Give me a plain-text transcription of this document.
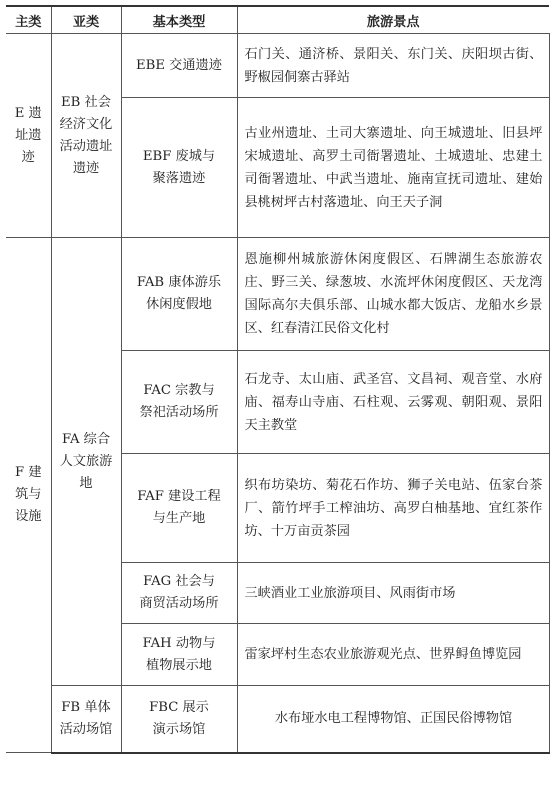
主类	亚类	基本类型	旅游景点
E 遗址遗迹	EB 社会经济文化活动遗址遗迹	EBE 交通遗迹	石门关、通济桥、景阳关、东门关、庆阳坝古街、野椒园侗寨古驿站
		EBF 废城与聚落遗迹	古业州遗址、土司大寨遗址、向王城遗址、旧县坪宋城遗址、高罗土司衙署遗址、土城遗址、忠建土司衙署遗址、中武当遗址、施南宣抚司遗址、建始县桃树坪古村落遗址、向王天子洞
F 建筑与设施	FA 综合人文旅游地	FAB 康体游乐休闲度假地	恩施柳州城旅游休闲度假区、石牌湖生态旅游农庄、野三关、绿葱坡、水流坪休闲度假区、天龙湾国际高尔夫俱乐部、山城水都大饭店、龙船水乡景区、红春清江民俗文化村
		FAC 宗教与祭祀活动场所	石龙寺、太山庙、武圣宫、文昌祠、观音堂、水府庙、福寿山寺庙、石柱观、云雾观、朝阳观、景阳天主教堂
		FAF 建设工程与生产地	织布坊染坊、菊花石作坊、狮子关电站、伍家台茶厂、箭竹坪手工榨油坊、高罗白柚基地、宜红茶作坊、十万亩贡茶园
		FAG 社会与商贸活动场所	三峡酒业工业旅游项目、风雨街市场
		FAH 动物与植物展示地	雷家坪村生态农业旅游观光点、世界鲟鱼博览园
	FB 单体活动场馆	FBC 展示演示场馆	水布垭水电工程博物馆、正国民俗博物馆
